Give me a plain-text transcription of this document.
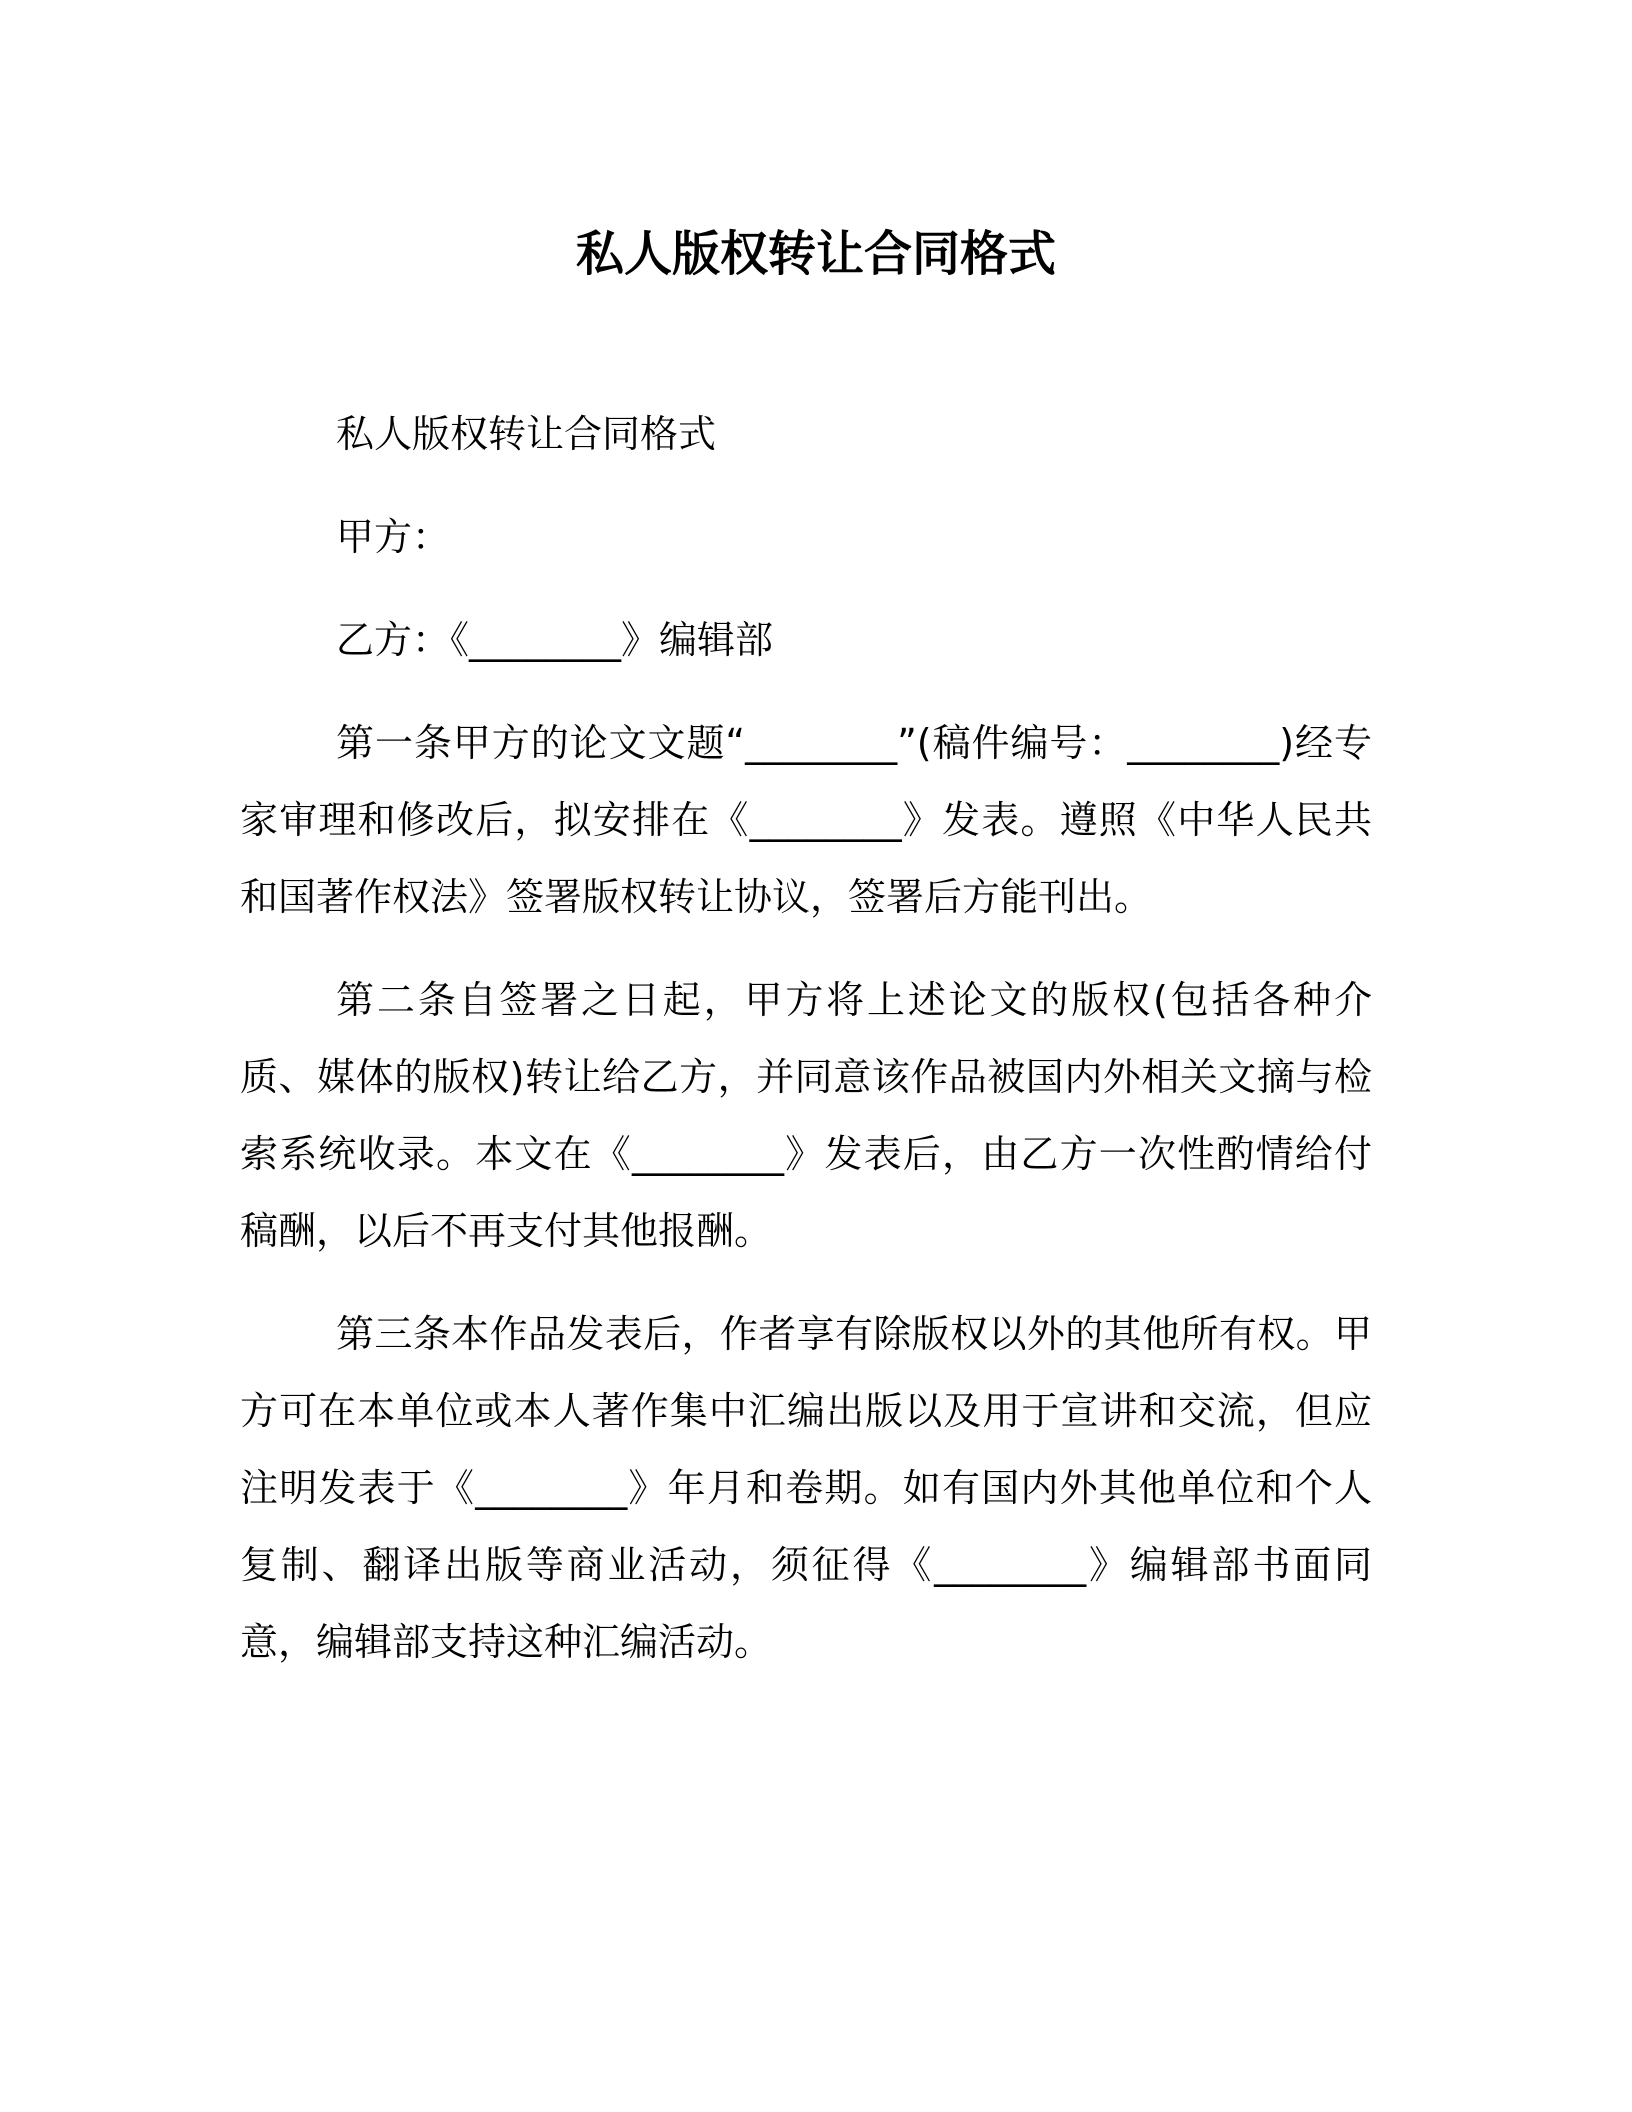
私人版权转让合同格式

私人版权转让合同格式

甲方：

乙方：《________》编辑部

第一条甲方的论文文题“________”(稿件编号：________)经专家审理和修改后，拟安排在《________》发表。遵照《中华人民共和国著作权法》签署版权转让协议，签署后方能刊出。

第二条自签署之日起，甲方将上述论文的版权(包括各种介质、媒体的版权)转让给乙方，并同意该作品被国内外相关文摘与检索系统收录。本文在《________》发表后，由乙方一次性酌情给付稿酬，以后不再支付其他报酬。

第三条本作品发表后，作者享有除版权以外的其他所有权。甲方可在本单位或本人著作集中汇编出版以及用于宣讲和交流，但应注明发表于《________》年月和卷期。如有国内外其他单位和个人复制、翻译出版等商业活动，须征得《________》编辑部书面同意，编辑部支持这种汇编活动。
